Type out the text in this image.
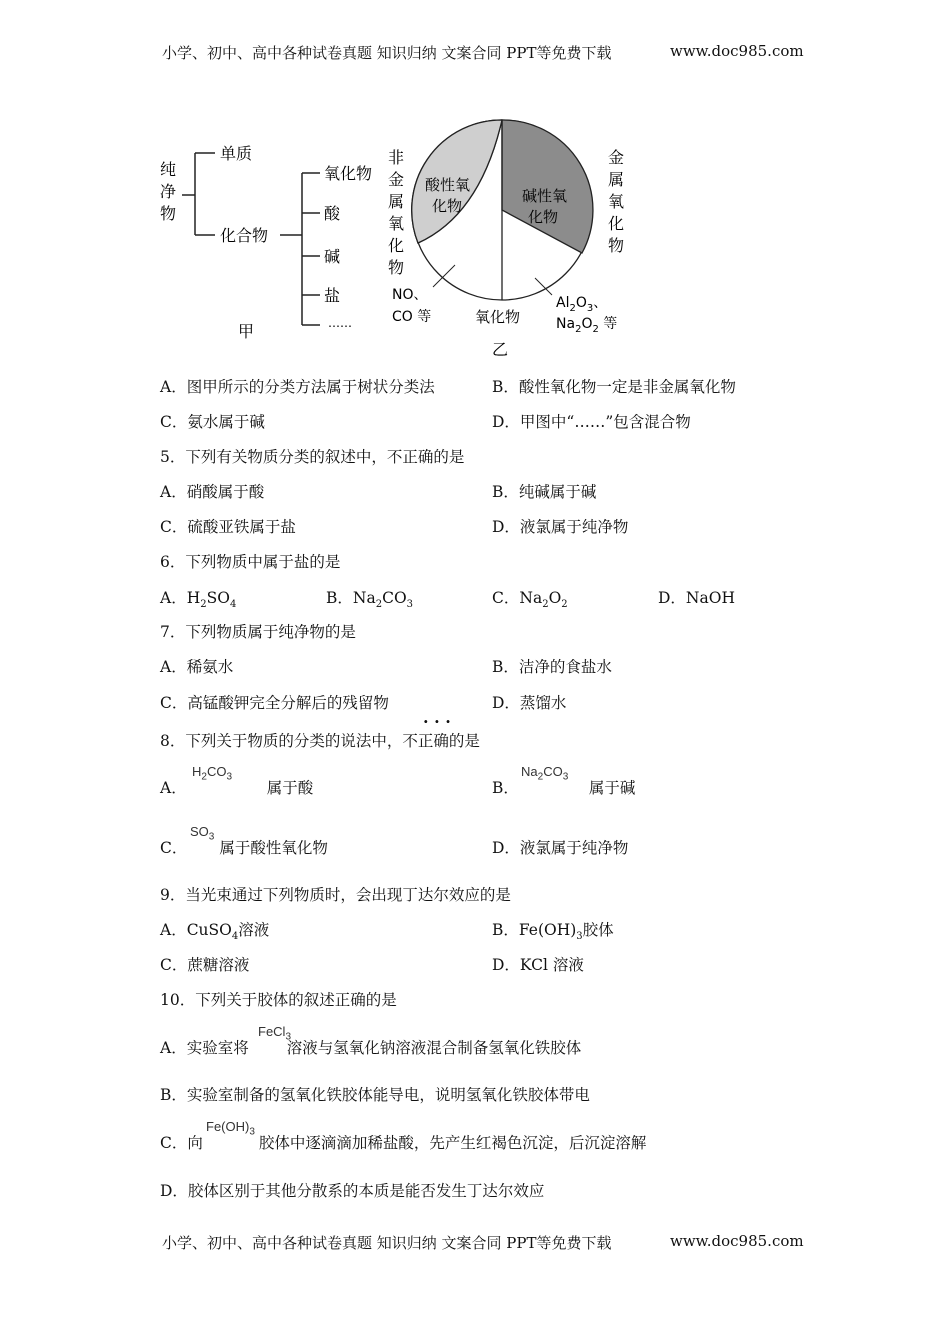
小学、初中、高中各种试卷真题 知识归纳 文案合同 PPT等免费下载	www.doc985.com
纯
净
物
单质
化合物
氧化物
酸
碱
盐
……
甲
非
金
属
氧
化
物
酸性氧
化物
碱性氧
化物
金
属
氧
化
物
NO、
CO 等	氧化物
$Al_2O_3$、
$Na_2O_2$ 等
乙
A．图甲所示的分类方法属于树状分类法	B．酸性氧化物一定是非金属氧化物
C．氨水属于碱	D．甲图中“……”包含混合物
5．下列有关物质分类的叙述中，不正确的是
A．硝酸属于酸	B．纯碱属于碱
C．硫酸亚铁属于盐	D．液氯属于纯净物
6．下列物质中属于盐的是
A．$H_2SO_4$	B．$Na_2CO_3$	C．$Na_2O_2$	D．NaOH
7．下列物质属于纯净物的是
A．稀氨水	B．洁净的食盐水
C．高锰酸钾完全分解后的残留物	D．蒸馏水
· · ·
8．下列关于物质的分类的说法中，不正确的是
A．	属于酸
$H_2CO_3$
B．	属于碱
$Na_2CO_3$
C． 属于酸性氧化物
$SO_3$
D．液氯属于纯净物
9．当光束通过下列物质时，会出现丁达尔效应的是
A．CuSO$_4$溶液	B．$Fe(OH)_3$胶体
C．蔗糖溶液	D．KCl 溶液
10．下列关于胶体的叙述正确的是
A．实验室将 溶液与氢氧化钠溶液混合制备氢氧化铁胶体
FeCl$_3$
B．实验室制备的氢氧化铁胶体能导电，说明氢氧化铁胶体带电
C．向	胶体中逐滴滴加稀盐酸，先产生红褐色沉淀，后沉淀溶解
$Fe(OH)_3$
D．胶体区别于其他分散系的本质是能否发生丁达尔效应
小学、初中、高中各种试卷真题 知识归纳 文案合同 PPT等免费下载	www.doc985.com
